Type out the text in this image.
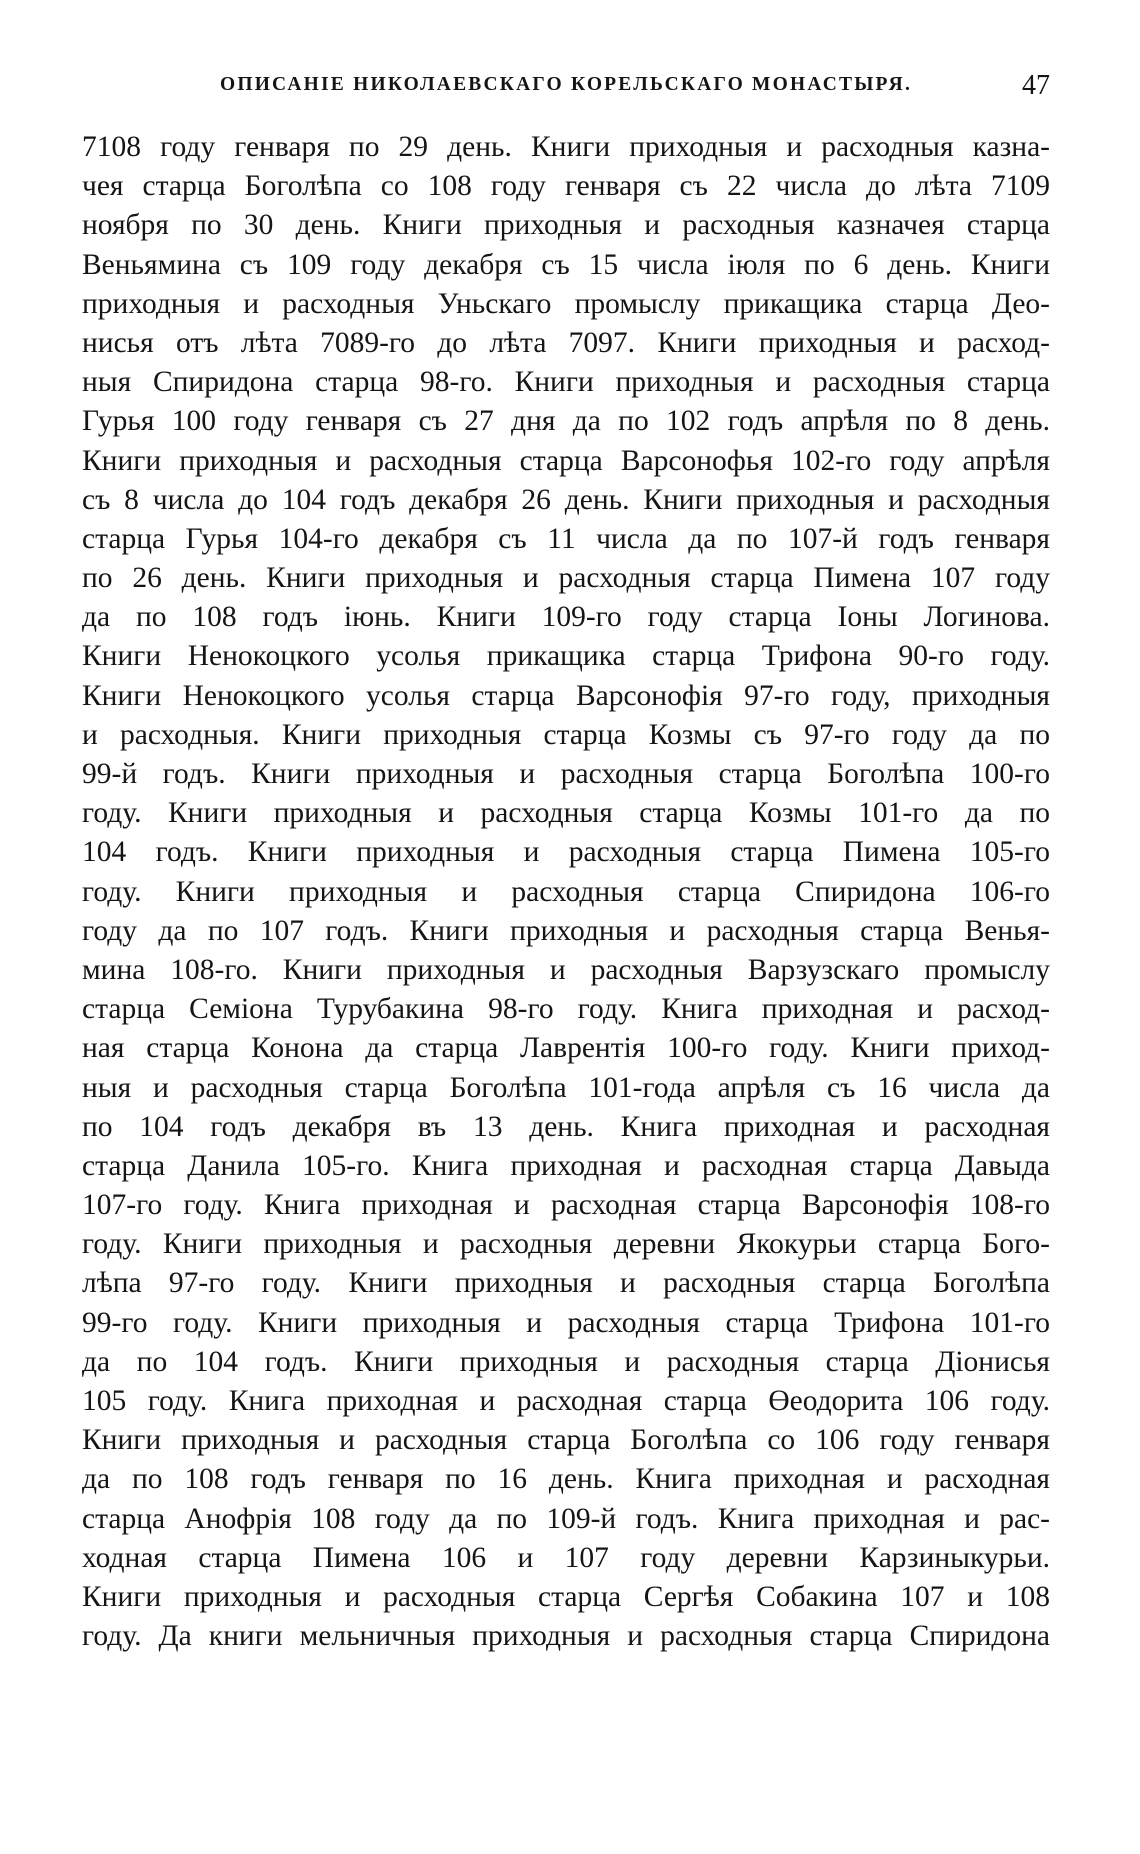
ОПИСАНІЕ НИКОЛАЕВСКАГО КОРЕЛЬСКАГО МОНАСТЫРЯ.	47
7108 году генваря по 29 день. Книги приходныя и расходныя казна-
чея старца Боголѣпа со 108 году генваря съ 22 числа до лѣта 7109
ноября по 30 день. Книги приходныя и расходныя казначея старца
Веньямина съ 109 году декабря съ 15 числа іюля по 6 день. Книги
приходныя и расходныя Уньскаго промыслу прикащика старца Део-
нисья отъ лѣта 7089-го до лѣта 7097. Книги приходныя и расход-
ныя Спиридона старца 98-го. Книги приходныя и расходныя старца
Гурья 100 году генваря съ 27 дня да по 102 годъ апрѣля по 8 день.
Книги приходныя и расходныя старца Варсонофья 102-го году апрѣля
съ 8 числа до 104 годъ декабря 26 день. Книги приходныя и расходныя
старца Гурья 104-го декабря съ 11 числа да по 107-й годъ генваря
по 26 день. Книги приходныя и расходныя старца Пимена 107 году
да по 108 годъ іюнь. Книги 109-го году старца Іоны Логинова.
Книги Ненокоцкого усолья прикащика старца Трифона 90-го году.
Книги Ненокоцкого усолья старца Варсонофія 97-го году, приходныя
и расходныя. Книги приходныя старца Козмы съ 97-го году да по
99-й годъ. Книги приходныя и расходныя старца Боголѣпа 100-го
году. Книги приходныя и расходныя старца Козмы 101-го да по
104 годъ. Книги приходныя и расходныя старца Пимена 105-го
году. Книги приходныя и расходныя старца Спиридона 106-го
году да по 107 годъ. Книги приходныя и расходныя старца Венья-
мина 108-го. Книги приходныя и расходныя Варзузскаго промыслу
старца Семіона Турубакина 98-го году. Книга приходная и расход-
ная старца Конона да старца Лаврентія 100-го году. Книги приход-
ныя и расходныя старца Боголѣпа 101-года апрѣля съ 16 числа да
по 104 годъ декабря въ 13 день. Книга приходная и расходная
старца Данила 105-го. Книга приходная и расходная старца Давыда
107-го году. Книга приходная и расходная старца Варсонофія 108-го
году. Книги приходныя и расходныя деревни Якокурьи старца Бого-
лѣпа 97-го году. Книги приходныя и расходныя старца Боголѣпа
99-го году. Книги приходныя и расходныя старца Трифона 101-го
да по 104 годъ. Книги приходныя и расходныя старца Діонисья
105 году. Книга приходная и расходная старца Өеодорита 106 году.
Книги приходныя и расходныя старца Боголѣпа со 106 году генваря
да по 108 годъ генваря по 16 день. Книга приходная и расходная
старца Анофрія 108 году да по 109-й годъ. Книга приходная и рас-
ходная старца Пимена 106 и 107 году деревни Карзиныкурьи.
Книги приходныя и расходныя старца Сергѣя Собакина 107 и 108
году. Да книги мельничныя приходныя и расходныя старца Спиридона
